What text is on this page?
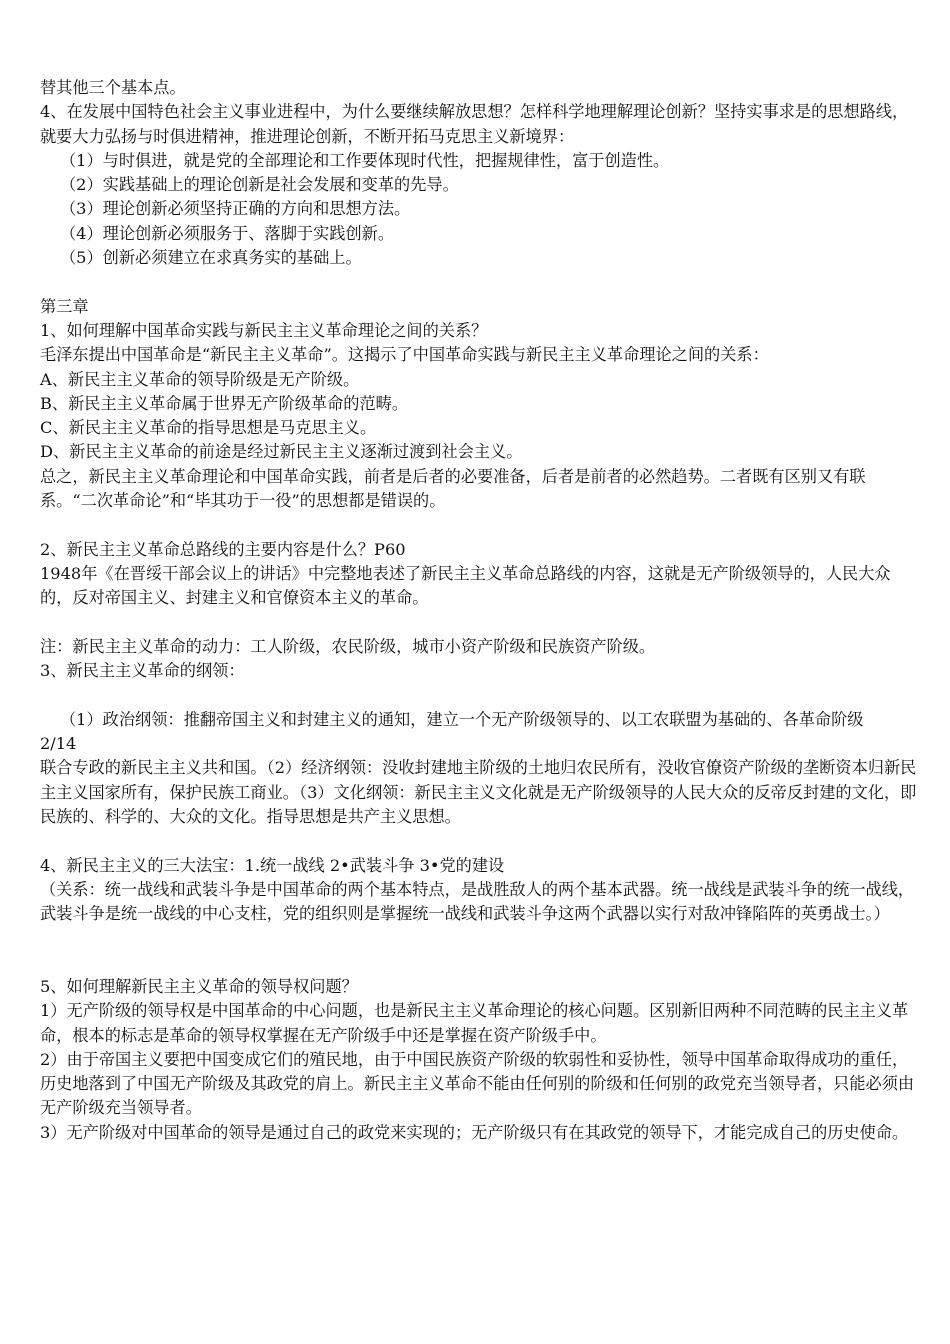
替其他三个基本点。
4、在发展中国特色社会主义事业进程中，为什么要继续解放思想？怎样科学地理解理论创新？坚持实事求是的思想路线，就要大力弘扬与时俱进精神，推进理论创新，不断开拓马克思主义新境界：
（1）与时俱进，就是党的全部理论和工作要体现时代性，把握规律性，富于创造性。
（2）实践基础上的理论创新是社会发展和变革的先导。
（3）理论创新必须坚持正确的方向和思想方法。
（4）理论创新必须服务于、落脚于实践创新。
（5）创新必须建立在求真务实的基础上。
第三章
1、如何理解中国革命实践与新民主主义革命理论之间的关系？
毛泽东提出中国革命是“新民主主义革命”。这揭示了中国革命实践与新民主主义革命理论之间的关系：
A、新民主主义革命的领导阶级是无产阶级。
B、新民主主义革命属于世界无产阶级革命的范畴。
C、新民主主义革命的指导思想是马克思主义。
D、新民主主义革命的前途是经过新民主主义逐渐过渡到社会主义。
总之，新民主主义革命理论和中国革命实践，前者是后者的必要准备，后者是前者的必然趋势。二者既有区别又有联系。“二次革命论”和“毕其功于一役”的思想都是错误的。
2、新民主主义革命总路线的主要内容是什么？P60
1948年《在晋绥干部会议上的讲话》中完整地表述了新民主主义革命总路线的内容，这就是无产阶级领导的，人民大众的，反对帝国主义、封建主义和官僚资本主义的革命。
注：新民主主义革命的动力：工人阶级，农民阶级，城市小资产阶级和民族资产阶级。
3、新民主主义革命的纲领：
（1）政治纲领：推翻帝国主义和封建主义的通知，建立一个无产阶级领导的、以工农联盟为基础的、各革命阶级
2/14
联合专政的新民主主义共和国。（2）经济纲领：没收封建地主阶级的土地归农民所有，没收官僚资产阶级的垄断资本归新民主主义国家所有，保护民族工商业。（3）文化纲领：新民主主义文化就是无产阶级领导的人民大众的反帝反封建的文化，即民族的、科学的、大众的文化。指导思想是共产主义思想。
4、新民主主义的三大法宝：1.统一战线 2•武装斗争 3•党的建设
（关系：统一战线和武装斗争是中国革命的两个基本特点，是战胜敌人的两个基本武器。统一战线是武装斗争的统一战线，武装斗争是统一战线的中心支柱，党的组织则是掌握统一战线和武装斗争这两个武器以实行对敌冲锋陷阵的英勇战士。）
5、如何理解新民主主义革命的领导权问题？
1）无产阶级的领导权是中国革命的中心问题，也是新民主主义革命理论的核心问题。区别新旧两种不同范畴的民主主义革命，根本的标志是革命的领导权掌握在无产阶级手中还是掌握在资产阶级手中。
2）由于帝国主义要把中国变成它们的殖民地，由于中国民族资产阶级的软弱性和妥协性，领导中国革命取得成功的重任，历史地落到了中国无产阶级及其政党的肩上。新民主主义革命不能由任何别的阶级和任何别的政党充当领导者，只能必须由无产阶级充当领导者。
3）无产阶级对中国革命的领导是通过自己的政党来实现的；无产阶级只有在其政党的领导下，才能完成自己的历史使命。
